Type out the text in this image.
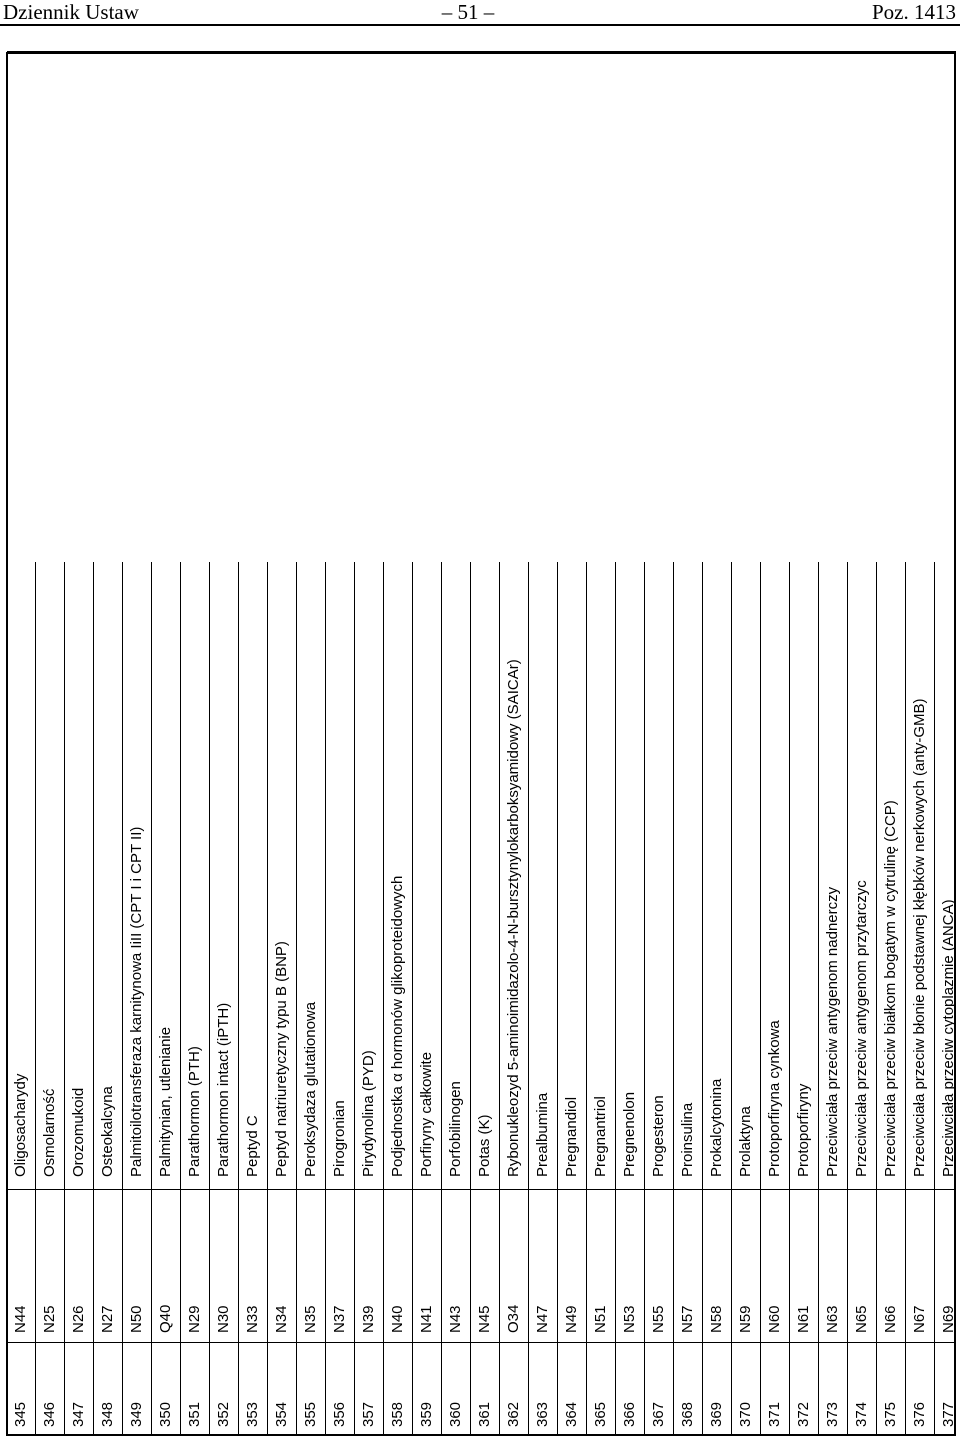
Dziennik Ustaw	– 51 –	Poz. 1413
345
N44
Oligosacharydy
346
N25
Osmolarność
347
N26
Orozomukoid
348
N27
Osteokalcyna
349
N50
Palmitoilotransferaza karnitynowa IiII (CPT I i CPT II)
350
Q40
Palmitynian, utlenianie
351
N29
Parathormon (PTH)
352
N30
Parathormon intact (iPTH)
353
N33
Peptyd C
354
N34
Peptyd natriuretyczny typu B (BNP)
355
N35
Peroksydaza glutationowa
356
N37
Pirogronian
357
N39
Pirydynolina (PYD)
358
N40
Podjednostka α hormonów glikoproteidowych
359
N41
Porfiryny całkowite
360
N43
Porfobilinogen
361
N45
Potas (K)
362
O34
Rybonukleozyd 5-aminoimidazolo-4-N-bursztynylokarboksyamidowy (SAICAr)
363
N47
Prealbumina
364
N49
Pregnandiol
365
N51
Pregnantriol
366
N53
Pregnenolon
367
N55
Progesteron
368
N57
Proinsulina
369
N58
Prokalcytonina
370
N59
Prolaktyna
371
N60
Protoporfiryna cynkowa
372
N61
Protoporfiryny
373
N63
Przeciwciała przeciw antygenom nadnerczy
374
N65
Przeciwciała przeciw antygenom przytarczyc
375
N66
Przeciwciała przeciw białkom bogatym w cytrulinę (CCP)
376
N67
Przeciwciała przeciw błonie podstawnej kłębków nerkowych (anty-GMB)
377
N69
Przeciwciała przeciw cytoplazmie (ANCA)
